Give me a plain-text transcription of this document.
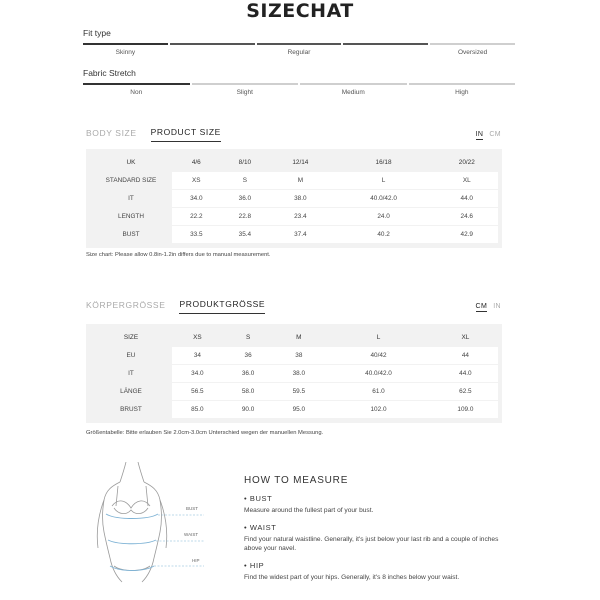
SIZECHAT
Fit type
Skinny	Regular	Oversized
Fabric Stretch
Non	Slight	Medium	High
BODY SIZE PRODUCT SIZE	IN CM
UK	4/6	8/10	12/14	16/18	20/22
STANDARD SIZE	XS	S	M	L	XL
IT	34.0	36.0	38.0	40.0/42.0	44.0
LENGTH	22.2	22.8	23.4	24.0	24.6
BUST	33.5	35.4	37.4	40.2	42.9
Size chart: Please allow 0.8in-1.2in differs due to manual measurement.
KÖRPERGRÖSSE PRODUKTGRÖSSE	CM IN
SIZE	XS	S	M	L	XL
EU	34	36	38	40/42	44
IT	34.0	36.0	38.0	40.0/42.0	44.0
LÄNGE	56.5	58.0	59.5	61.0	62.5
BRUST	85.0	90.0	95.0	102.0	109.0
Größentabelle: Bitte erlauben Sie 2.0cm-3.0cm Unterschied wegen der manuellen Messung.
BUST
WAIST
HIP
HOW TO MEASURE
• BUST
Measure around the fullest part of your bust.
• WAIST
Find your natural waistline. Generally, it's just below your last rib and a couple of inches above your navel.
• HIP
Find the widest part of your hips. Generally, it's 8 inches below your waist.
